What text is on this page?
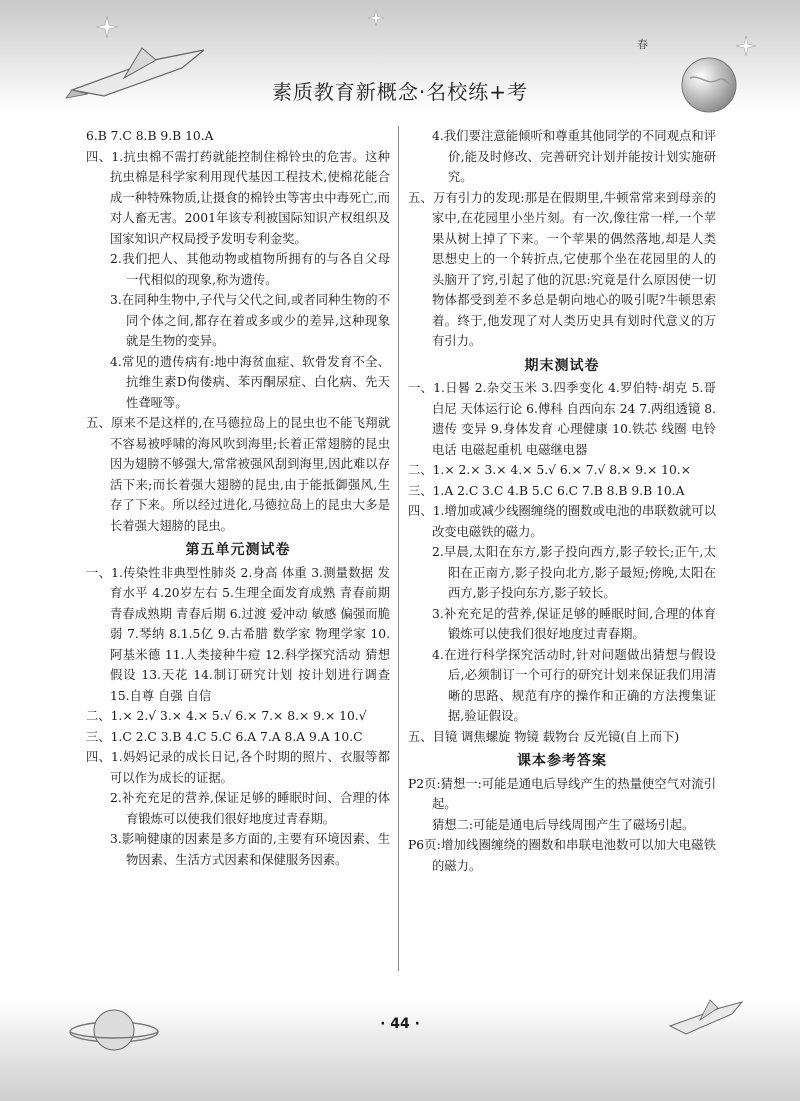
春
素质教育新概念·名校练+考
6.B 7.C 8.B 9.B 10.A
四、1.抗虫棉不需打药就能控制住棉铃虫的危害。这种抗虫棉是科学家利用现代基因工程技术,使棉花能合成一种特殊物质,让摄食的棉铃虫等害虫中毒死亡,而对人畜无害。2001年该专利被国际知识产权组织及国家知识产权局授予发明专利金奖。
2.我们把人、其他动物或植物所拥有的与各自父母一代相似的现象,称为遗传。
3.在同种生物中,子代与父代之间,或者同种生物的不同个体之间,都存在着或多或少的差异,这种现象就是生物的变异。
4.常见的遗传病有:地中海贫血症、软骨发育不全、抗维生素D佝偻病、苯丙酮尿症、白化病、先天性聋哑等。
五、原来不是这样的,在马德拉岛上的昆虫也不能飞翔就不容易被呼啸的海风吹到海里;长着正常翅膀的昆虫因为翅膀不够强大,常常被强风刮到海里,因此难以存活下来;而长着强大翅膀的昆虫,由于能抵御强风,生存了下来。所以经过进化,马德拉岛上的昆虫大多是长着强大翅膀的昆虫。
第五单元测试卷
一、1.传染性非典型性肺炎 2.身高 体重 3.测量数据 发育水平 4.20岁左右 5.生理全面发育成熟 青春前期 青春成熟期 青春后期 6.过渡 爱冲动 敏感 偏强而脆弱 7.琴纳 8.1.5亿 9.古希腊 数学家 物理学家 10.阿基米德 11.人类接种牛痘 12.科学探究活动 猜想 假设 13.天花 14.制订研究计划 按计划进行调查 15.自尊 自强 自信
二、1.× 2.√ 3.× 4.× 5.√ 6.× 7.× 8.× 9.× 10.√
三、1.C 2.C 3.B 4.C 5.C 6.A 7.A 8.A 9.A 10.C
四、1.妈妈记录的成长日记,各个时期的照片、衣服等都可以作为成长的证据。
2.补充充足的营养,保证足够的睡眠时间、合理的体育锻炼可以使我们很好地度过青春期。
3.影响健康的因素是多方面的,主要有环境因素、生物因素、生活方式因素和保健服务因素。
4.我们要注意能倾听和尊重其他同学的不同观点和评价,能及时修改、完善研究计划并能按计划实施研究。
五、万有引力的发现:那是在假期里,牛顿常常来到母亲的家中,在花园里小坐片刻。有一次,像往常一样,一个苹果从树上掉了下来。一个苹果的偶然落地,却是人类思想史上的一个转折点,它使那个坐在花园里的人的头脑开了窍,引起了他的沉思:究竟是什么原因使一切物体都受到差不多总是朝向地心的吸引呢?牛顿思索着。终于,他发现了对人类历史具有划时代意义的万有引力。
期末测试卷
一、1.日晷 2.杂交玉米 3.四季变化 4.罗伯特·胡克 5.哥白尼 天体运行论 6.傅科 自西向东 24 7.两组透镜 8.遗传 变异 9.身体发育 心理健康 10.铁芯 线圈 电铃 电话 电磁起重机 电磁继电器
二、1.× 2.× 3.× 4.× 5.√ 6.× 7.√ 8.× 9.× 10.×
三、1.A 2.C 3.C 4.B 5.C 6.C 7.B 8.B 9.B 10.A
四、1.增加或减少线圈缠绕的圈数或电池的串联数就可以改变电磁铁的磁力。
2.早晨,太阳在东方,影子投向西方,影子较长;正午,太阳在正南方,影子投向北方,影子最短;傍晚,太阳在西方,影子投向东方,影子较长。
3.补充充足的营养,保证足够的睡眠时间,合理的体育锻炼可以使我们很好地度过青春期。
4.在进行科学探究活动时,针对问题做出猜想与假设后,必须制订一个可行的研究计划来保证我们用清晰的思路、规范有序的操作和正确的方法搜集证据,验证假设。
五、目镜 调焦螺旋 物镜 载物台 反光镜(自上而下)
课本参考答案
P2页:猜想一:可能是通电后导线产生的热量使空气对流引起。
猜想二:可能是通电后导线周围产生了磁场引起。
P6页:增加线圈缠绕的圈数和串联电池数可以加大电磁铁的磁力。
· 44 ·
